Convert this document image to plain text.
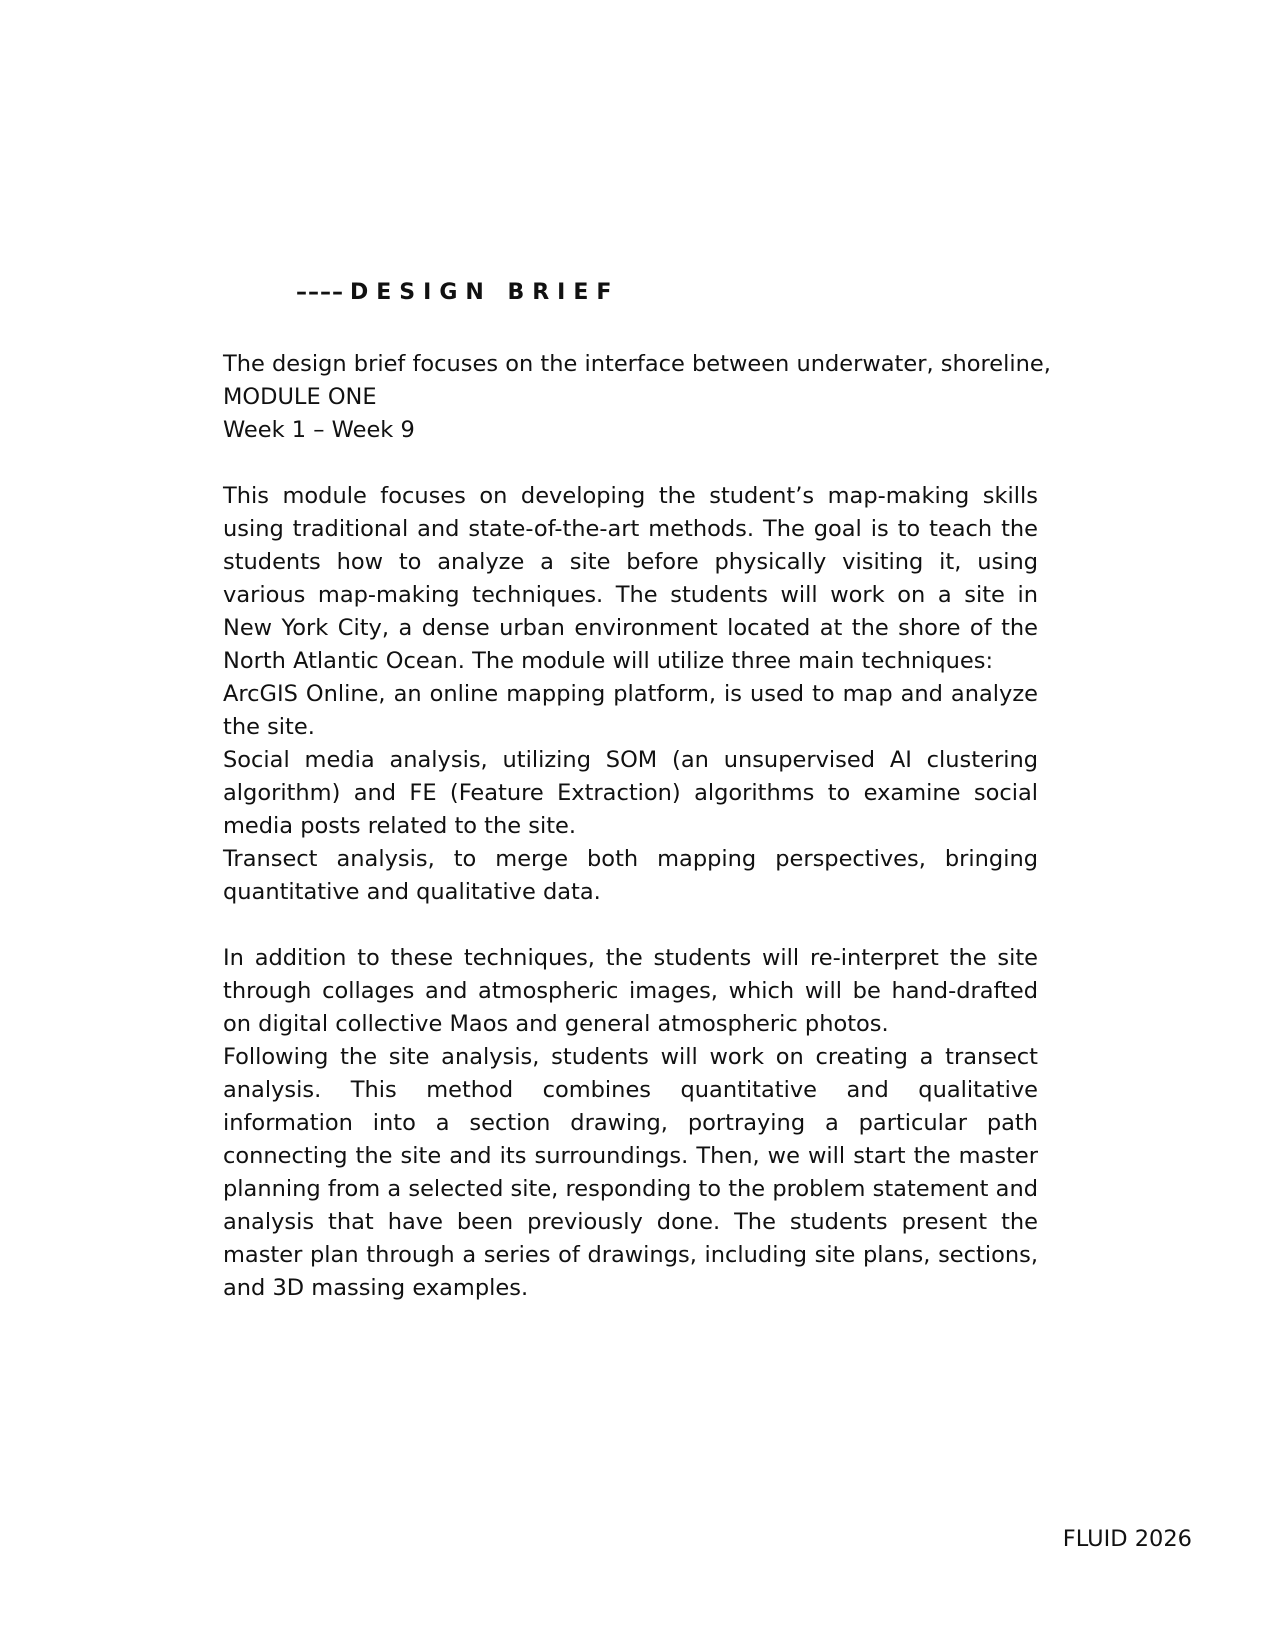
–––– DESIGN BRIEF
The design brief focuses on the interface between underwater, shoreline,
MODULE ONE
Week 1 – Week 9
This module focuses on developing the student’s map-making skills using traditional and state-of-the-art methods. The goal is to teach the students how to analyze a site before physically visiting it, using various map-making techniques. The students will work on a site in New York City, a dense urban environment located at the shore of the North Atlantic Ocean. The module will utilize three main techniques:
ArcGIS Online, an online mapping platform, is used to map and analyze the site.
Social media analysis, utilizing SOM (an unsupervised AI clustering algorithm) and FE (Feature Extraction) algorithms to examine social media posts related to the site.
Transect analysis, to merge both mapping perspectives, bringing quantitative and qualitative data.
In addition to these techniques, the students will re-interpret the site through collages and atmospheric images, which will be hand-drafted on digital collective Maos and general atmospheric photos.
Following the site analysis, students will work on creating a transect analysis. This method combines quantitative and qualitative information into a section drawing, portraying a particular path connecting the site and its surroundings. Then, we will start the master planning from a selected site, responding to the problem statement and analysis that have been previously done. The students present the master plan through a series of drawings, including site plans, sections, and 3D massing examples.
FLUID 2026
